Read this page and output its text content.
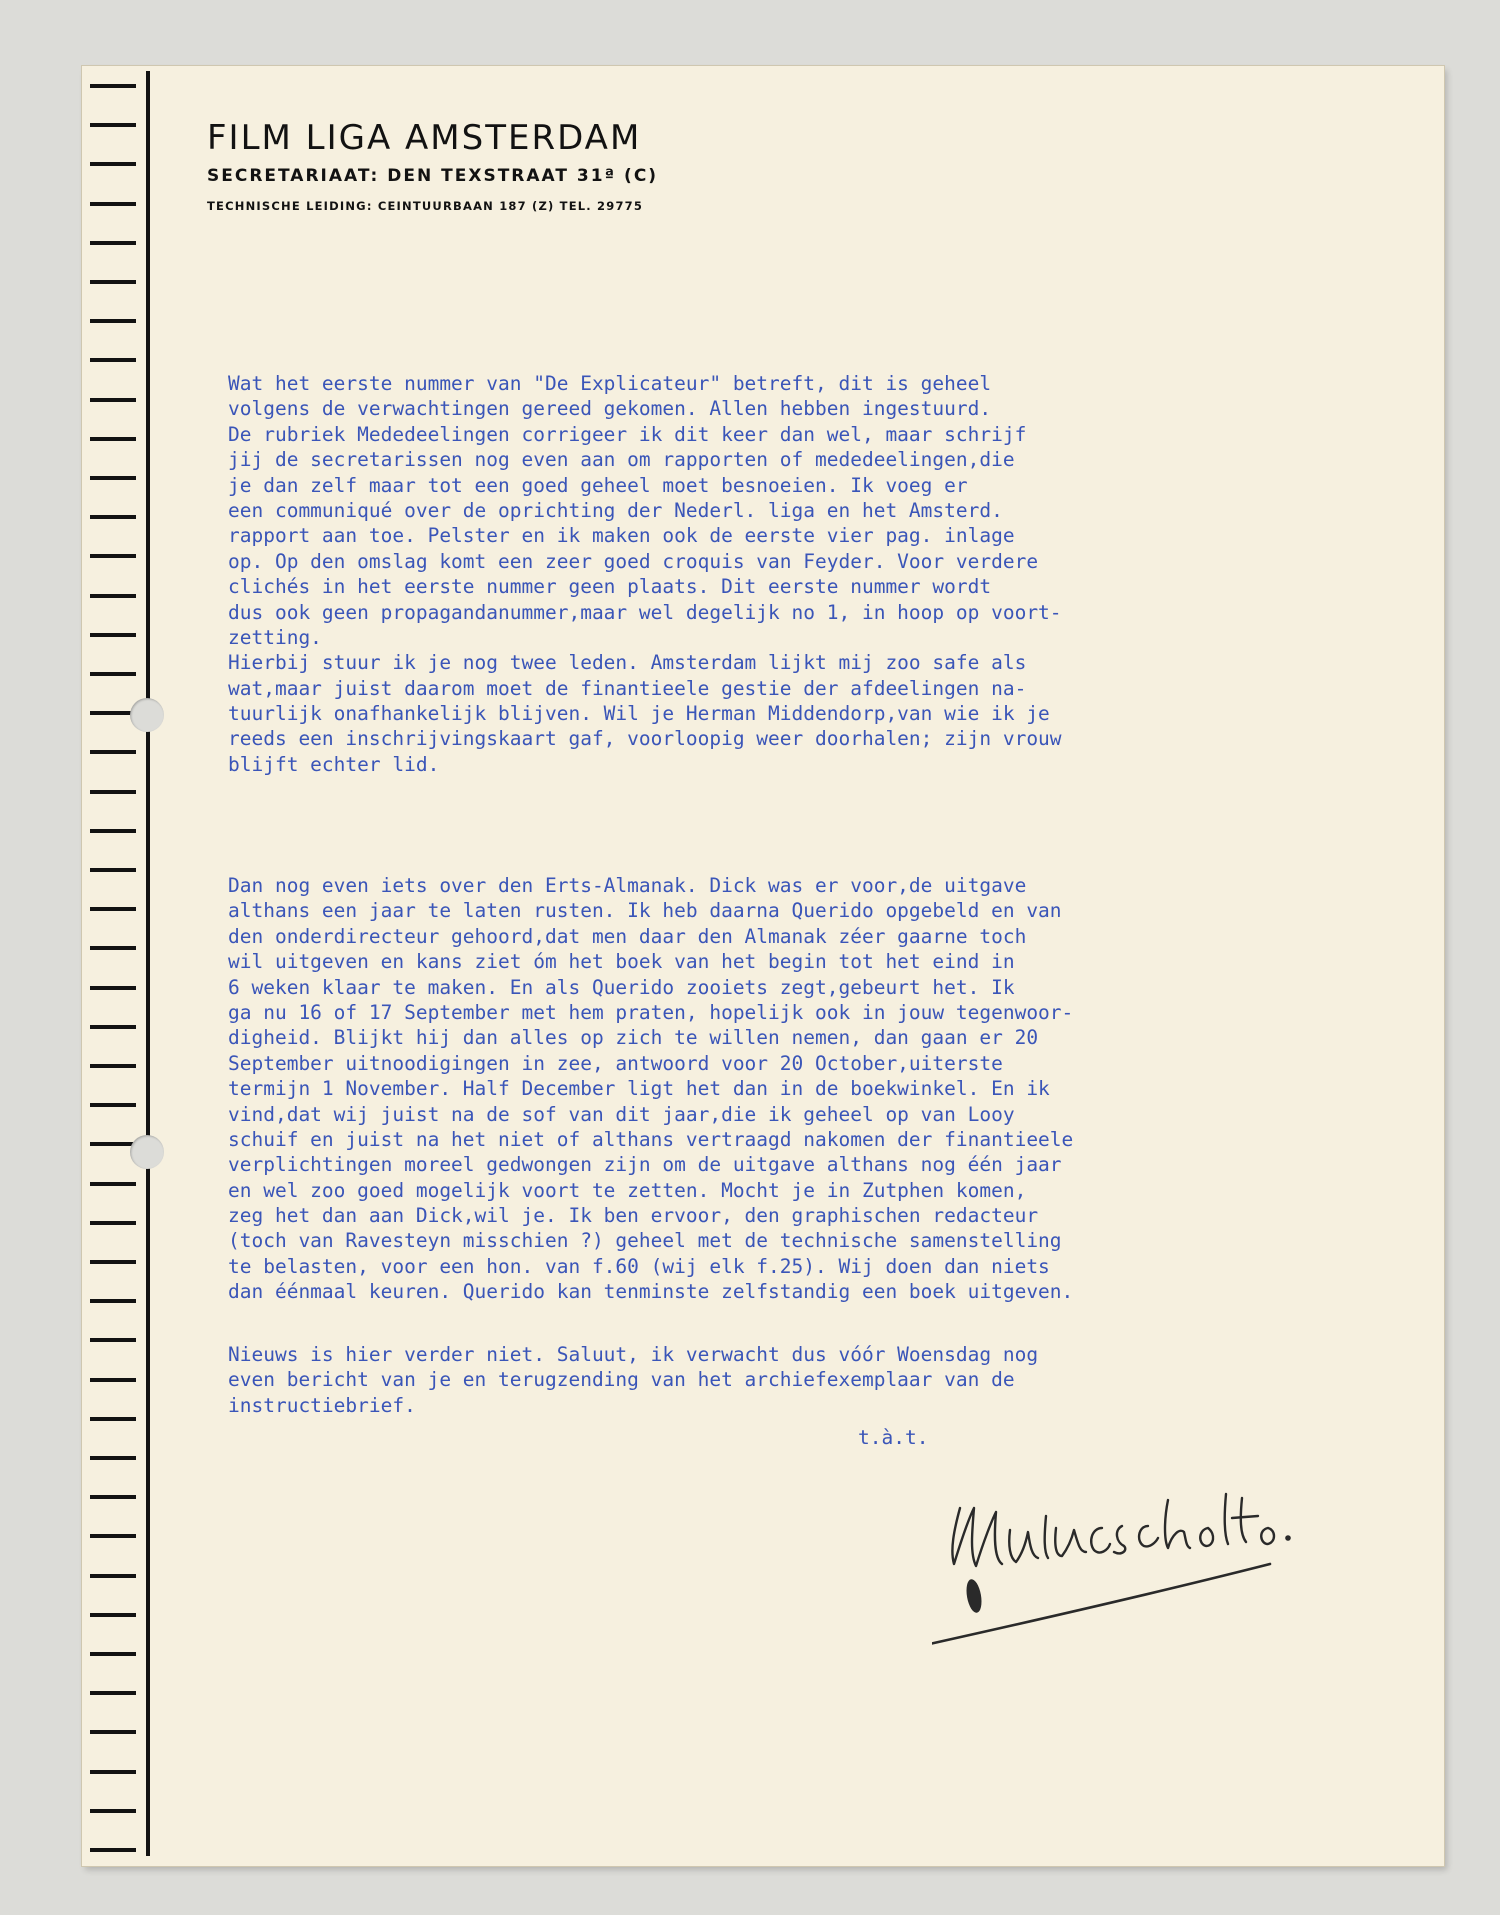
FILM LIGA AMSTERDAM
SECRETARIAAT: DEN TEXSTRAAT 31ª (C)
TECHNISCHE LEIDING: CEINTUURBAAN 187 (Z) TEL. 29775
Wat het eerste nummer van "De Explicateur" betreft, dit is geheel
volgens de verwachtingen gereed gekomen. Allen hebben ingestuurd.
De rubriek Mededeelingen corrigeer ik dit keer dan wel, maar schrijf
jij de secretarissen nog even aan om rapporten of mededeelingen,die
je dan zelf maar tot een goed geheel moet besnoeien. Ik voeg er
een communiqué over de oprichting der Nederl. liga en het Amsterd.
rapport aan toe. Pelster en ik maken ook de eerste vier pag. inlage
op. Op den omslag komt een zeer goed croquis van Feyder. Voor verdere
clichés in het eerste nummer geen plaats. Dit eerste nummer wordt
dus ook geen propagandanummer,maar wel degelijk no 1, in hoop op voort-
zetting.
Hierbij stuur ik je nog twee leden. Amsterdam lijkt mij zoo safe als
wat,maar juist daarom moet de finantieele gestie der afdeelingen na-
tuurlijk onafhankelijk blijven. Wil je Herman Middendorp,van wie ik je
reeds een inschrijvingskaart gaf, voorloopig weer doorhalen; zijn vrouw
blijft echter lid.
Dan nog even iets over den Erts-Almanak. Dick was er voor,de uitgave
althans een jaar te laten rusten. Ik heb daarna Querido opgebeld en van
den onderdirecteur gehoord,dat men daar den Almanak zéer gaarne toch
wil uitgeven en kans ziet óm het boek van het begin tot het eind in
6 weken klaar te maken. En als Querido zooiets zegt,gebeurt het. Ik
ga nu 16 of 17 September met hem praten, hopelijk ook in jouw tegenwoor-
digheid. Blijkt hij dan alles op zich te willen nemen, dan gaan er 20
September uitnoodigingen in zee, antwoord voor 20 October,uiterste
termijn 1 November. Half December ligt het dan in de boekwinkel. En ik
vind,dat wij juist na de sof van dit jaar,die ik geheel op van Looy
schuif en juist na het niet of althans vertraagd nakomen der finantieele
verplichtingen moreel gedwongen zijn om de uitgave althans nog één jaar
en wel zoo goed mogelijk voort te zetten. Mocht je in Zutphen komen,
zeg het dan aan Dick,wil je. Ik ben ervoor, den graphischen redacteur
(toch van Ravesteyn misschien ?) geheel met de technische samenstelling
te belasten, voor een hon. van f.60 (wij elk f.25). Wij doen dan niets
dan éénmaal keuren. Querido kan tenminste zelfstandig een boek uitgeven.
Nieuws is hier verder niet. Saluut, ik verwacht dus vóór Woensdag nog
even bericht van je en terugzending van het archiefexemplaar van de
instructiebrief.
t.à.t.
